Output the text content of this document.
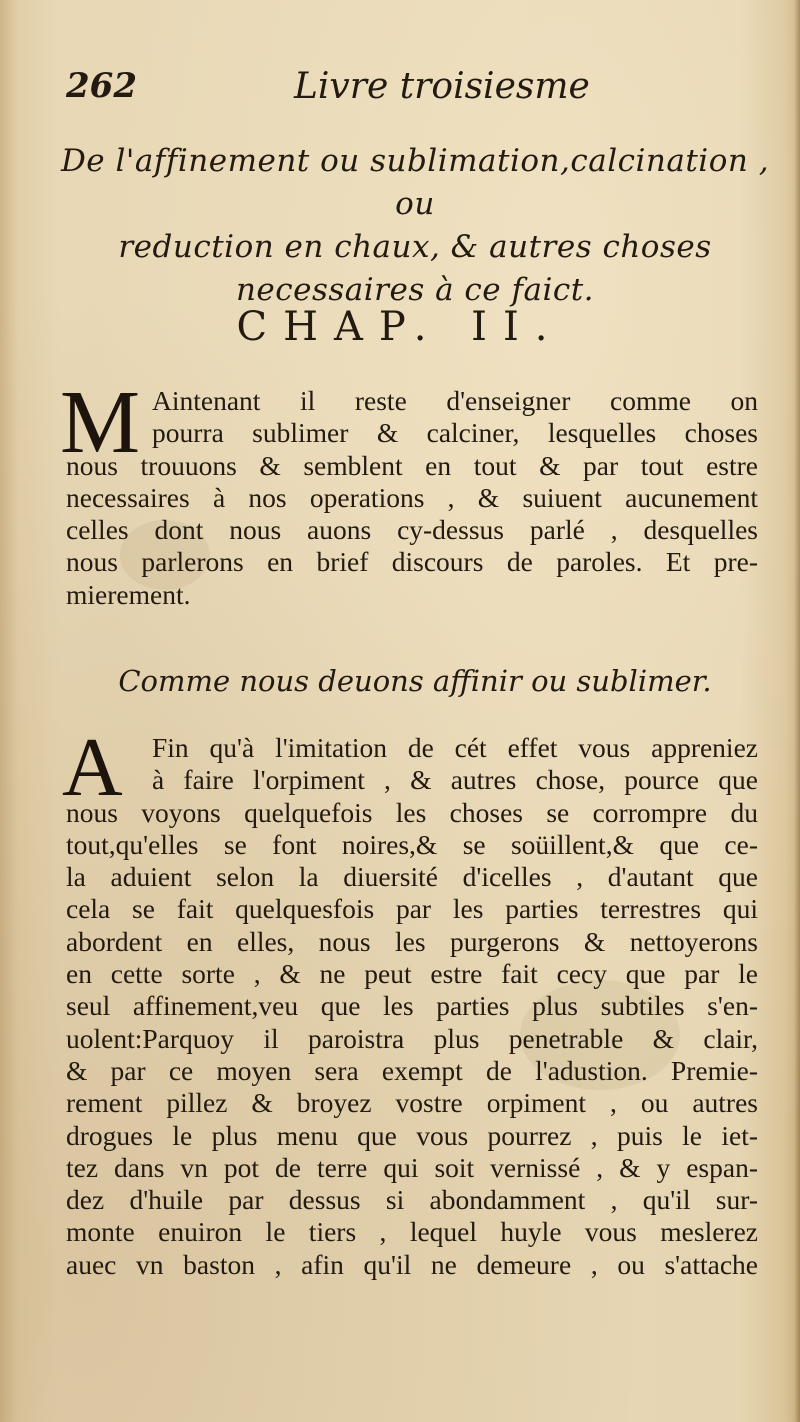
262	Livre troisiesme
De l'affinement ou sublimation,calcination , ou
reduction en chaux, & autres choses
necessaires à ce faict.
CHAP. II.
M Aintenant il reste d'enseigner comme on
pourra sublimer & calciner, lesquelles choses
nous trouuons & semblent en tout & par tout estre
necessaires à nos operations , & suiuent aucunement
celles dont nous auons cy-dessus parlé , desquelles
nous parlerons en brief discours de paroles. Et pre-
mierement.
Comme nous deuons affinir ou sublimer.
A	Fin qu'à l'imitation de cét effet vous appreniez
à faire l'orpiment , & autres chose, pource que
nous voyons quelquefois les choses se corrompre du
tout,qu'elles se font noires,& se soüillent,& que ce-
la aduient selon la diuersité d'icelles , d'autant que
cela se fait quelquesfois par les parties terrestres qui
abordent en elles, nous les purgerons & nettoyerons
en cette sorte , & ne peut estre fait cecy que par le
seul affinement,veu que les parties plus subtiles s'en-
uolent:Parquoy il paroistra plus penetrable & clair,
& par ce moyen sera exempt de l'adustion. Premie-
rement pillez & broyez vostre orpiment , ou autres
drogues le plus menu que vous pourrez , puis le iet-
tez dans vn pot de terre qui soit vernissé , & y espan-
dez d'huile par dessus si abondamment , qu'il sur-
monte enuiron le tiers , lequel huyle vous meslerez
auec vn baston , afin qu'il ne demeure , ou s'attache
